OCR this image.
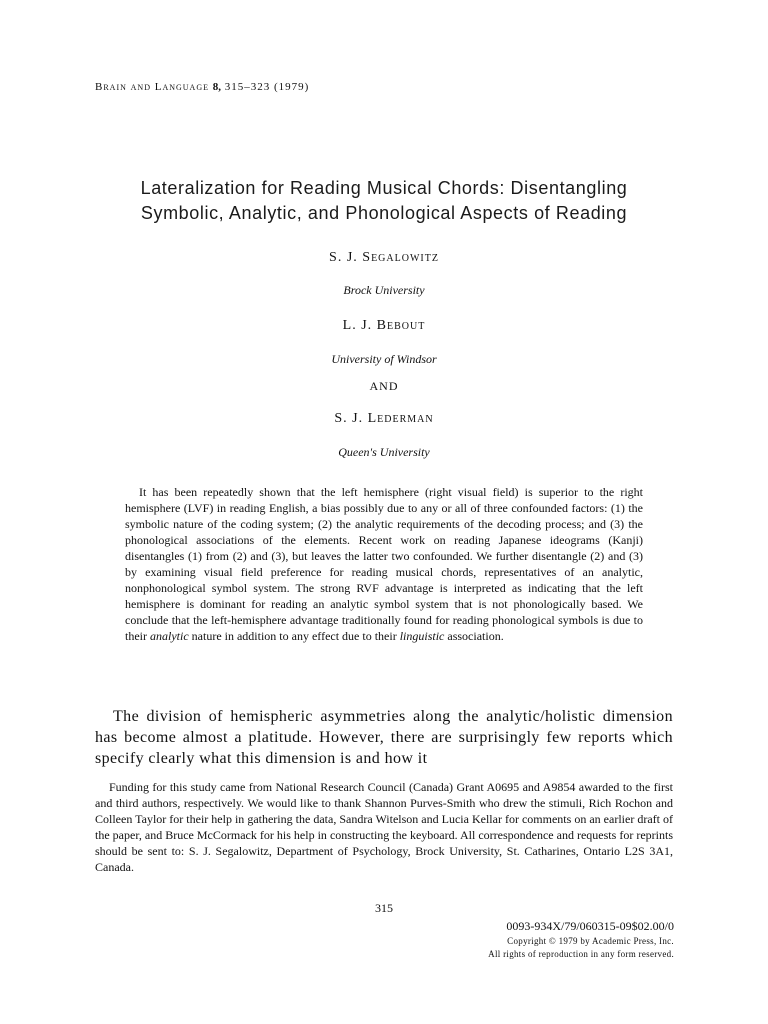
Brain and Language 8, 315–323 (1979)
Lateralization for Reading Musical Chords: Disentangling
Symbolic, Analytic, and Phonological Aspects of Reading
S. J. Segalowitz
Brock University
L. J. Bebout
University of Windsor
AND
S. J. Lederman
Queen's University

It has been repeatedly shown that the left hemisphere (right visual field) is superior to the right hemisphere (LVF) in reading English, a bias possibly due to any or all of three confounded factors: (1) the symbolic nature of the coding system; (2) the analytic requirements of the decoding process; and (3) the phonological associations of the elements. Recent work on reading Japanese ideograms (Kanji) disentangles (1) from (2) and (3), but leaves the latter two confounded. We further disentangle (2) and (3) by examining visual field preference for reading musical chords, representatives of an analytic, nonphonological symbol system. The strong RVF advantage is interpreted as indicating that the left hemisphere is dominant for reading an analytic symbol system that is not phonologically based. We conclude that the left-hemisphere advantage traditionally found for reading phonological symbols is due to their analytic nature in addition to any effect due to their linguistic association.

The division of hemispheric asymmetries along the analytic/holistic dimension has become almost a platitude. However, there are surprisingly few reports which specify clearly what this dimension is and how it

Funding for this study came from National Research Council (Canada) Grant A0695 and A9854 awarded to the first and third authors, respectively. We would like to thank Shannon Purves-Smith who drew the stimuli, Rich Rochon and Colleen Taylor for their help in gathering the data, Sandra Witelson and Lucia Kellar for comments on an earlier draft of the paper, and Bruce McCormack for his help in constructing the keyboard. All correspondence and requests for reprints should be sent to: S. J. Segalowitz, Department of Psychology, Brock University, St. Catharines, Ontario L2S 3A1, Canada.

315
0093-934X/79/060315-09$02.00/0
Copyright © 1979 by Academic Press, Inc.
All rights of reproduction in any form reserved.
